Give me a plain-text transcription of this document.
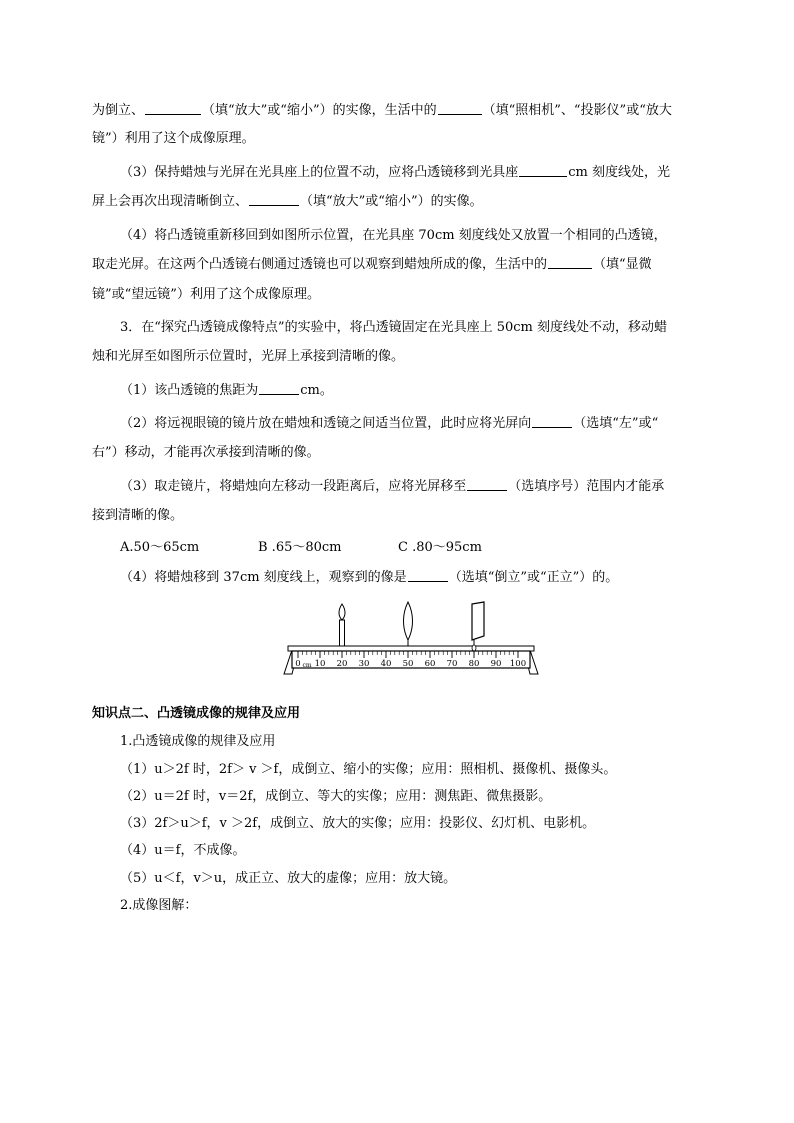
为倒立、	（填“放大”或“缩小”）的实像，生活中的	（填“照相机”、“投影仪”或“放大
镜”）利用了这个成像原理。
（3）保持蜡烛与光屏在光具座上的位置不动，应将凸透镜移到光具座	cm 刻度线处，光
屏上会再次出现清晰倒立、	（填“放大”或“缩小”）的实像。
（4）将凸透镜重新移回到如图所示位置，在光具座 70cm 刻度线处又放置一个相同的凸透镜，
取走光屏。在这两个凸透镜右侧通过透镜也可以观察到蜡烛所成的像，生活中的	（填“显微
镜”或“望远镜”）利用了这个成像原理。
3．在“探究凸透镜成像特点”的实验中，将凸透镜固定在光具座上 50cm 刻度线处不动，移动蜡
烛和光屏至如图所示位置时，光屏上承接到清晰的像。
（1）该凸透镜的焦距为	cm。
（2）将远视眼镜的镜片放在蜡烛和透镜之间适当位置，此时应将光屏向	（选填“左”或“
右”）移动，才能再次承接到清晰的像。
（3）取走镜片，将蜡烛向左移动一段距离后，应将光屏移至	（选填序号）范围内才能承
接到清晰的像。
A.50～65cm	B .65～80cm	C .80～95cm
（4）将蜡烛移到 37cm 刻度线上，观察到的像是	（选填“倒立”或“正立”）的。
0 10 20 30 40 50 60 70 80 90 100
cm
知识点二、凸透镜成像的规律及应用
1.凸透镜成像的规律及应用
（1）u＞2f 时，2f＞ v ＞f，成倒立、缩小的实像；应用：照相机、摄像机、摄像头。
（2）u＝2f 时，v＝2f，成倒立、等大的实像；应用：测焦距、微焦摄影。
（3）2f＞u＞f，v ＞2f，成倒立、放大的实像；应用：投影仪、幻灯机、电影机。
（4）u＝f，不成像。
（5）u＜f，v＞u，成正立、放大的虚像；应用：放大镜。
2.成像图解：
